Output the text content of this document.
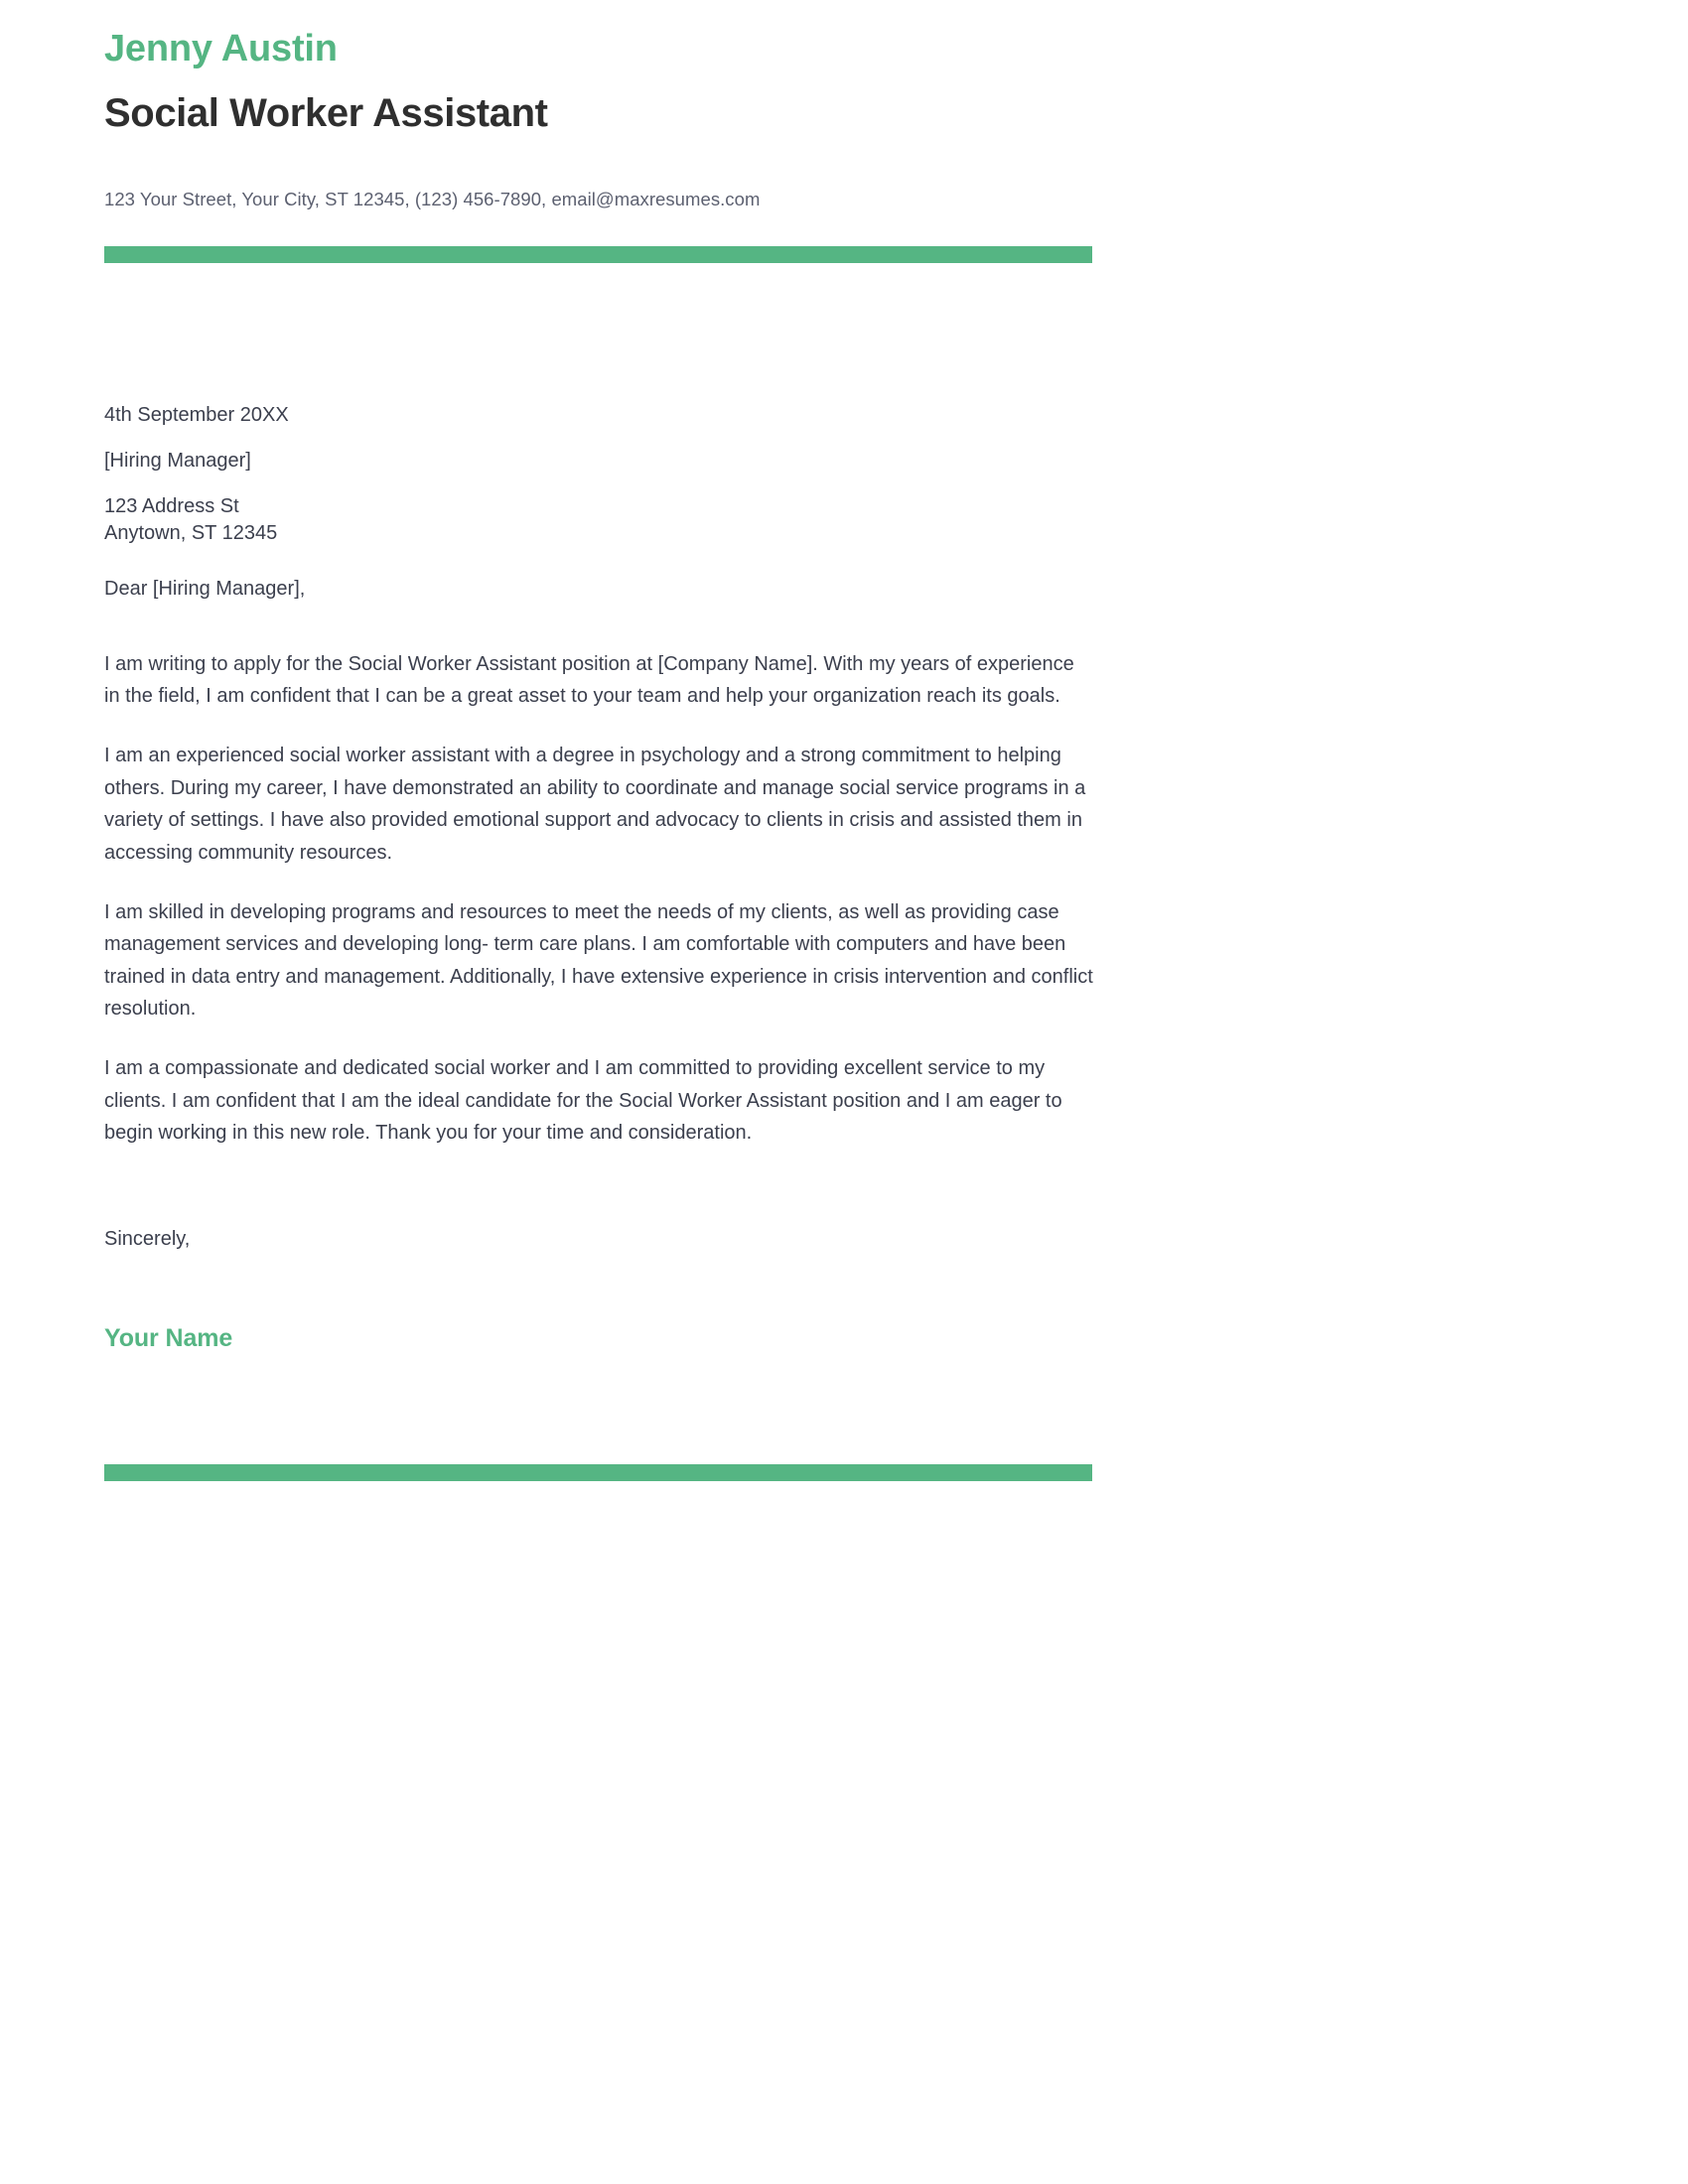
Jenny Austin
Social Worker Assistant

123 Your Street, Your City, ST 12345, (123) 456-7890, email@maxresumes.com

4th September 20XX

[Hiring Manager]

123 Address St

Anytown, ST 12345

Dear [Hiring Manager],

I am writing to apply for the Social Worker Assistant position at [Company Name]. With my years of experience in the field, I am confident that I can be a great asset to your team and help your organization reach its goals.

I am an experienced social worker assistant with a degree in psychology and a strong commitment to helping others. During my career, I have demonstrated an ability to coordinate and manage social service programs in a variety of settings. I have also provided emotional support and advocacy to clients in crisis and assisted them in accessing community resources.

I am skilled in developing programs and resources to meet the needs of my clients, as well as providing case management services and developing long- term care plans. I am comfortable with computers and have been trained in data entry and management. Additionally, I have extensive experience in crisis intervention and conflict resolution.

I am a compassionate and dedicated social worker and I am committed to providing excellent service to my clients. I am confident that I am the ideal candidate for the Social Worker Assistant position and I am eager to begin working in this new role. Thank you for your time and consideration.

Sincerely,

Your Name
